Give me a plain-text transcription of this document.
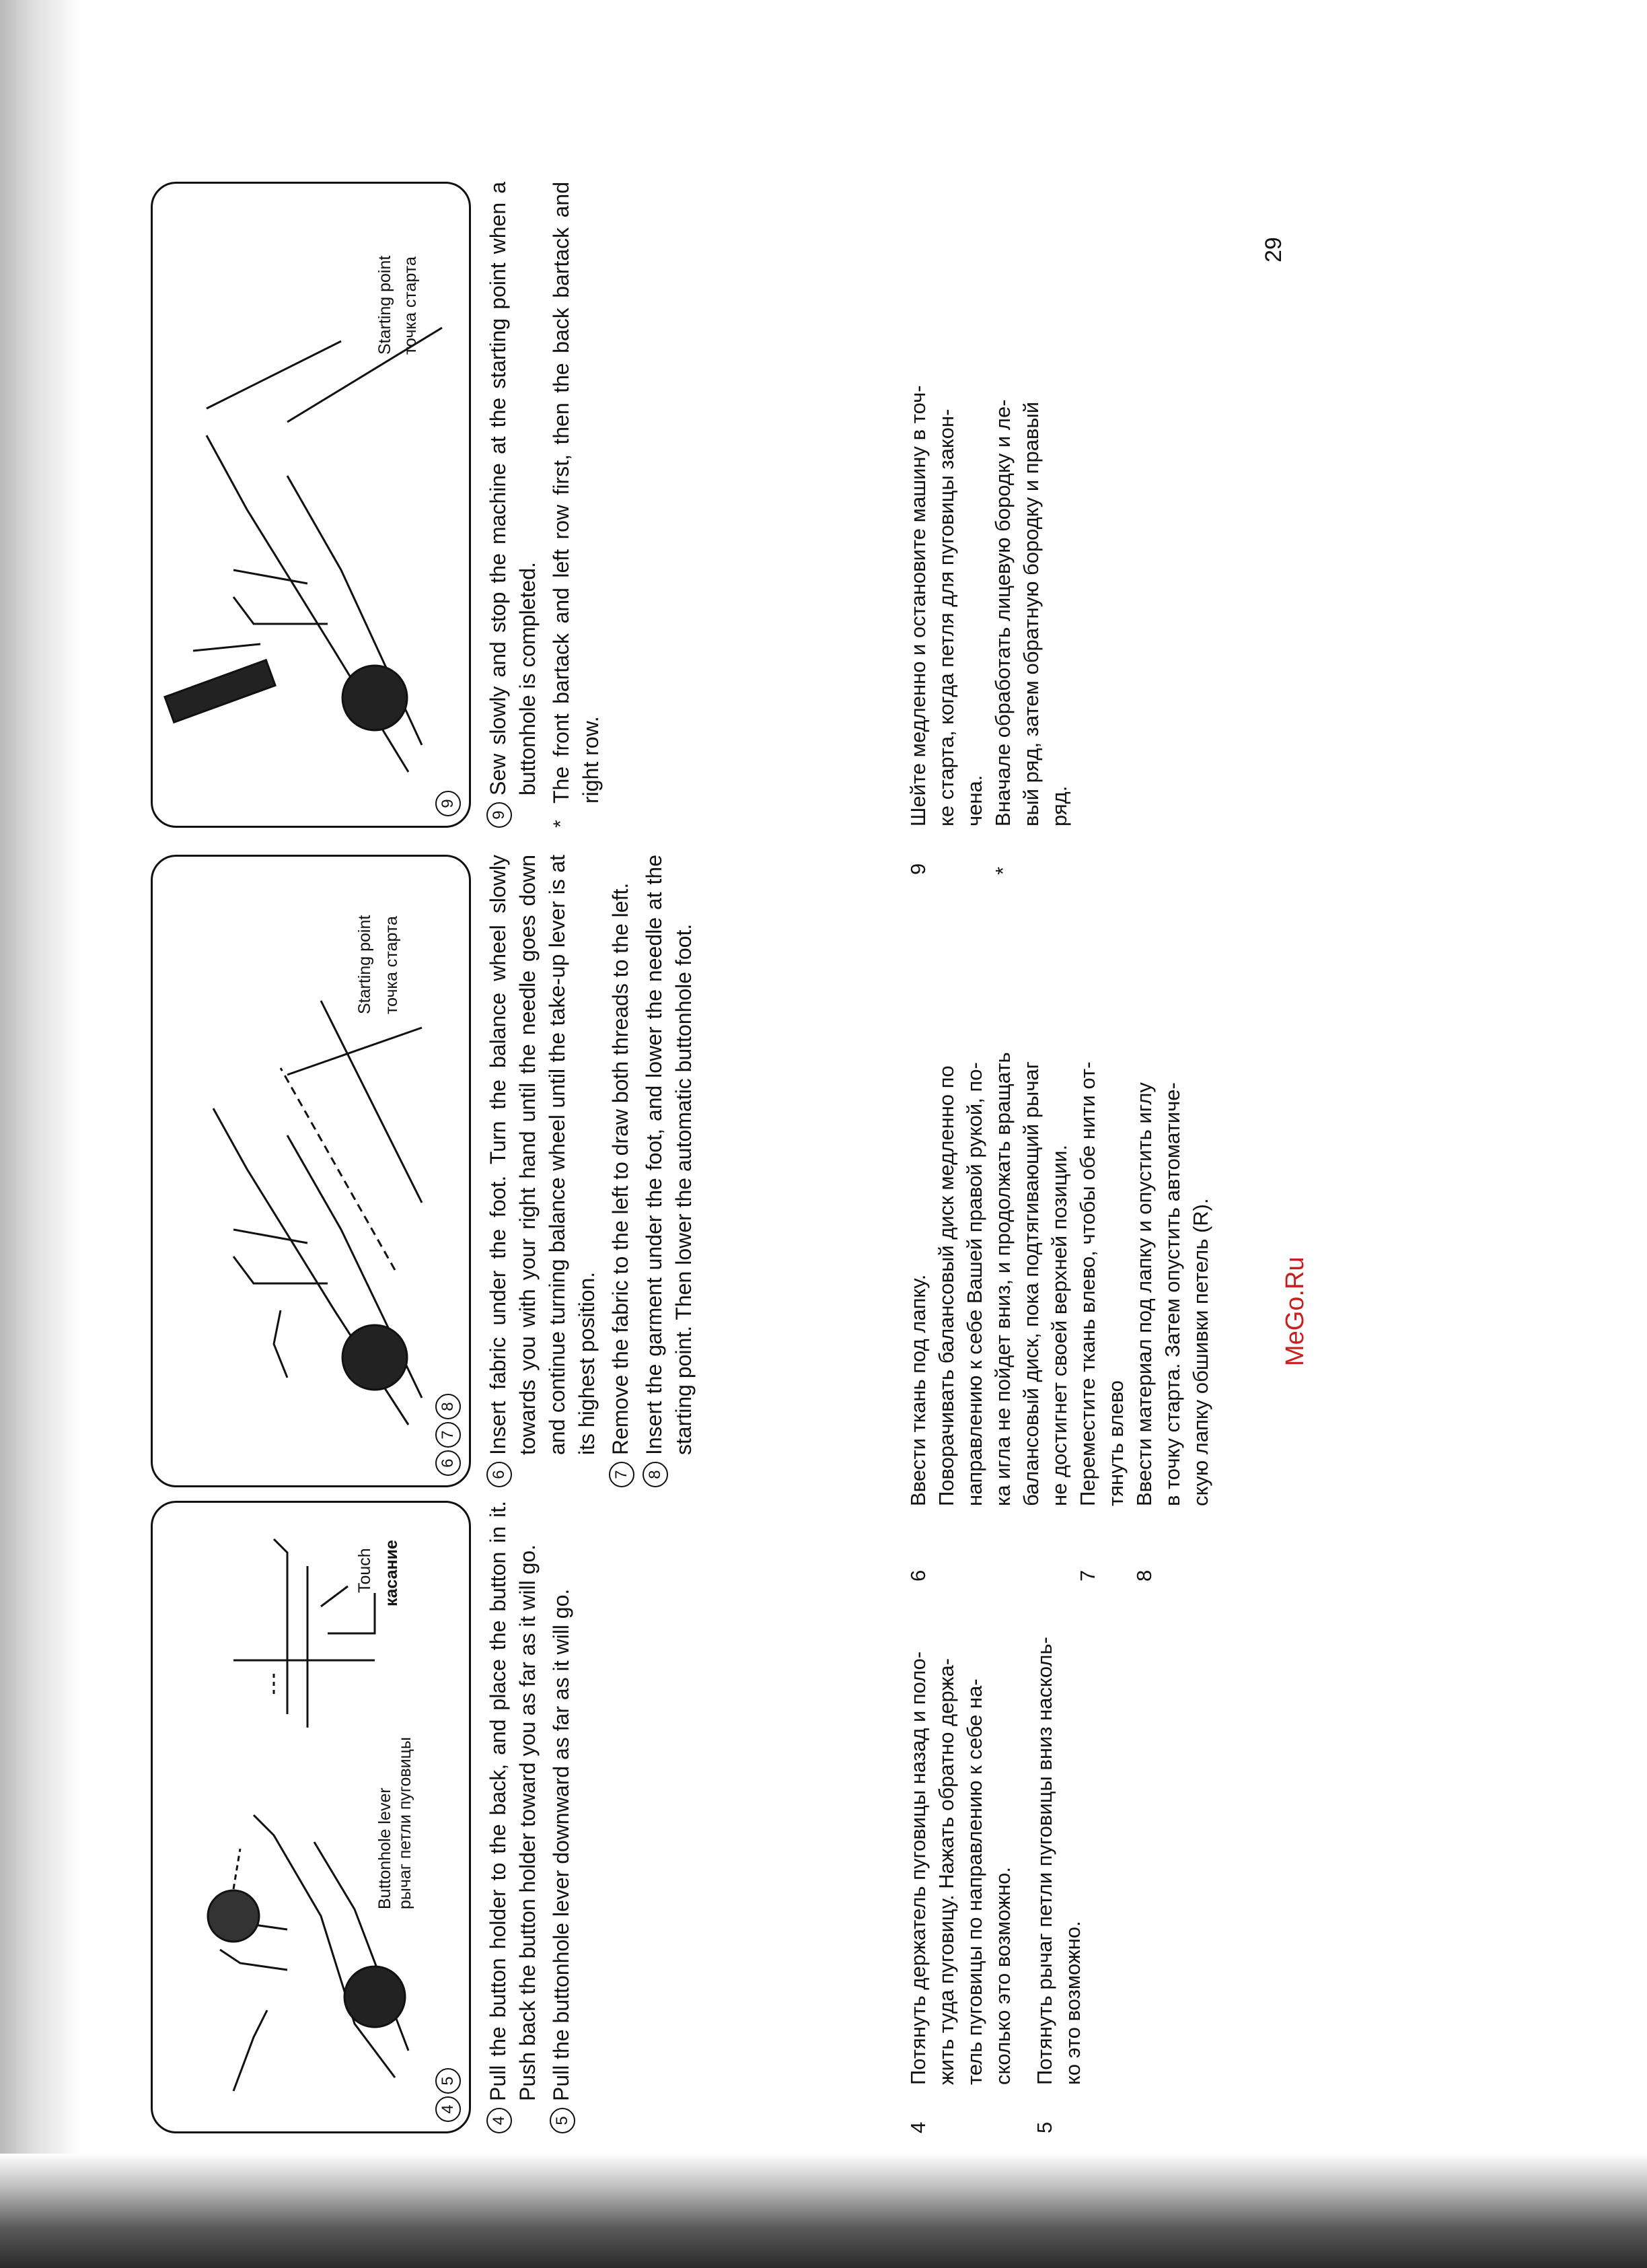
Buttonhole lever рычаг петли пуговицы
Touch касание
4
5
4
Pull the button holder to the back, and place the button in it. Push back the button holder toward you as far as it will go.
5
Pull the buttonhole lever downward as far as it will go.
Starting point точка старта
6
7
8
6
Insert fabric under the foot. Turn the balance wheel slowly towards you with your right hand until the needle goes down and continue turning balance wheel until the take-up lever is at its highest position.
7
Remove the fabric to the left to draw both threads to the left.
8
Insert the garment under the foot, and lower the needle at the starting point. Then lower the automatic buttonhole foot.
Starting point точка старта
9
9
Sew slowly and stop the machine at the starting point when a buttonhole is completed.
*
The front bartack and left row first, then the back bartack and right row.
4
Потянуть держатель пуговицы назад и поло- жить туда пуговицу. Нажать обратно держа- тель пуговицы по направлению к себе на- сколько это возможно.
5
Потянуть рычаг петли пуговицы вниз насколь- ко это возможно.
6
Ввести ткань под лапку. Поворачивать балансовый диск медленно по направлению к себе Вашей правой рукой, по- ка игла не пойдет вниз, и продолжать вращать балансовый диск, пока подтягивающий рычаг не достигнет своей верхней позиции.
7
Переместите ткань влево, чтобы обе нити от- тянуть влево
8
Ввести материал под лапку и опустить иглу в точку старта. Затем опустить автоматиче- скую лапку обшивки петель (R).
9
Шейте медленно и остановите машину в точ- ке старта, когда петля для пуговицы закон- чена.
*
Вначале обработать лицевую бородку и ле- вый ряд, затем обратную бородку и правый ряд.
29
MeGo.Ru
